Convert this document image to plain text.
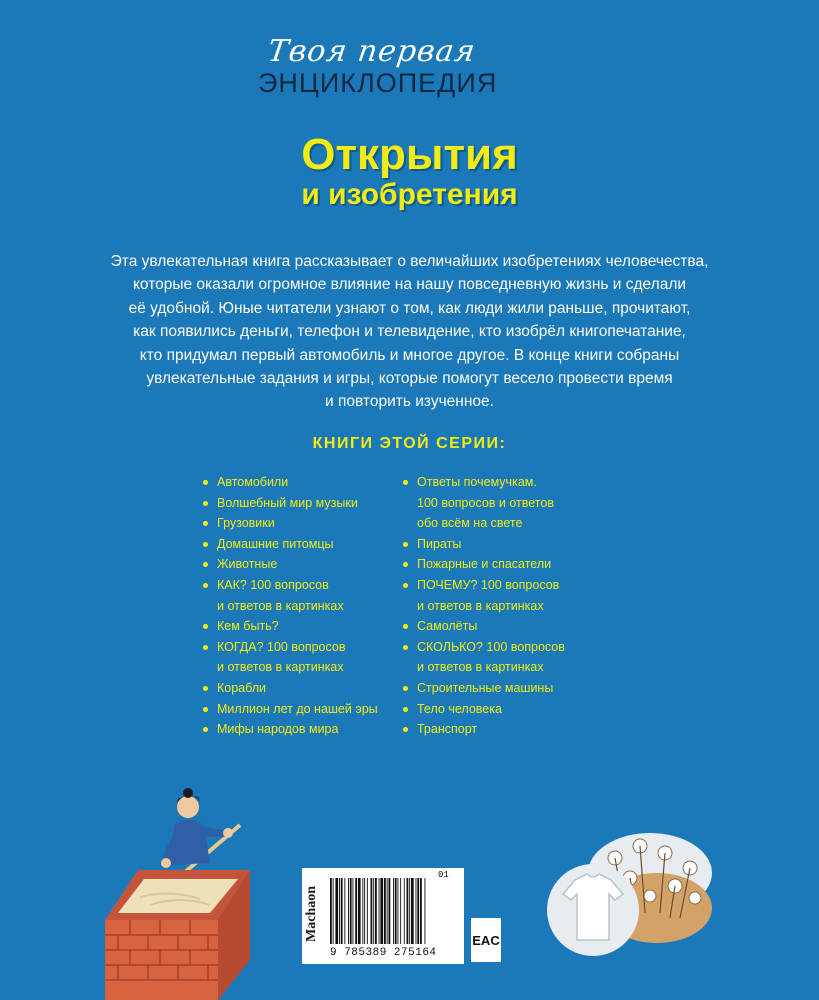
Твоя первая
ЭНЦИКЛОПЕДИЯ
Открытия
и изобретения
Эта увлекательная книга рассказывает о величайших изобретениях человечества,
которые оказали огромное влияние на нашу повседневную жизнь и сделали
её удобной. Юные читатели узнают о том, как люди жили раньше, прочитают,
как появились деньги, телефон и телевидение, кто изобрёл книгопечатание,
кто придумал первый автомобиль и многое другое. В конце книги собраны
увлекательные задания и игры, которые помогут весело провести время
и повторить изученное.
КНИГИ ЭТОЙ СЕРИИ:
Автомобили
Волшебный мир музыки
Грузовики
Домашние питомцы
Животные
КАК? 100 вопросов
и ответов в картинках
Кем быть?
КОГДА? 100 вопросов
и ответов в картинках
Корабли
Миллион лет до нашей эры
Мифы народов мира
Ответы почемучкам.
100 вопросов и ответов
обо всём на свете
Пираты
Пожарные и спасатели
ПОЧЕМУ? 100 вопросов
и ответов в картинках
Самолёты
СКОЛЬКО? 100 вопросов
и ответов в картинках
Строительные машины
Тело человека
Транспорт
Machaon
9 785389 275164
01
EAC
